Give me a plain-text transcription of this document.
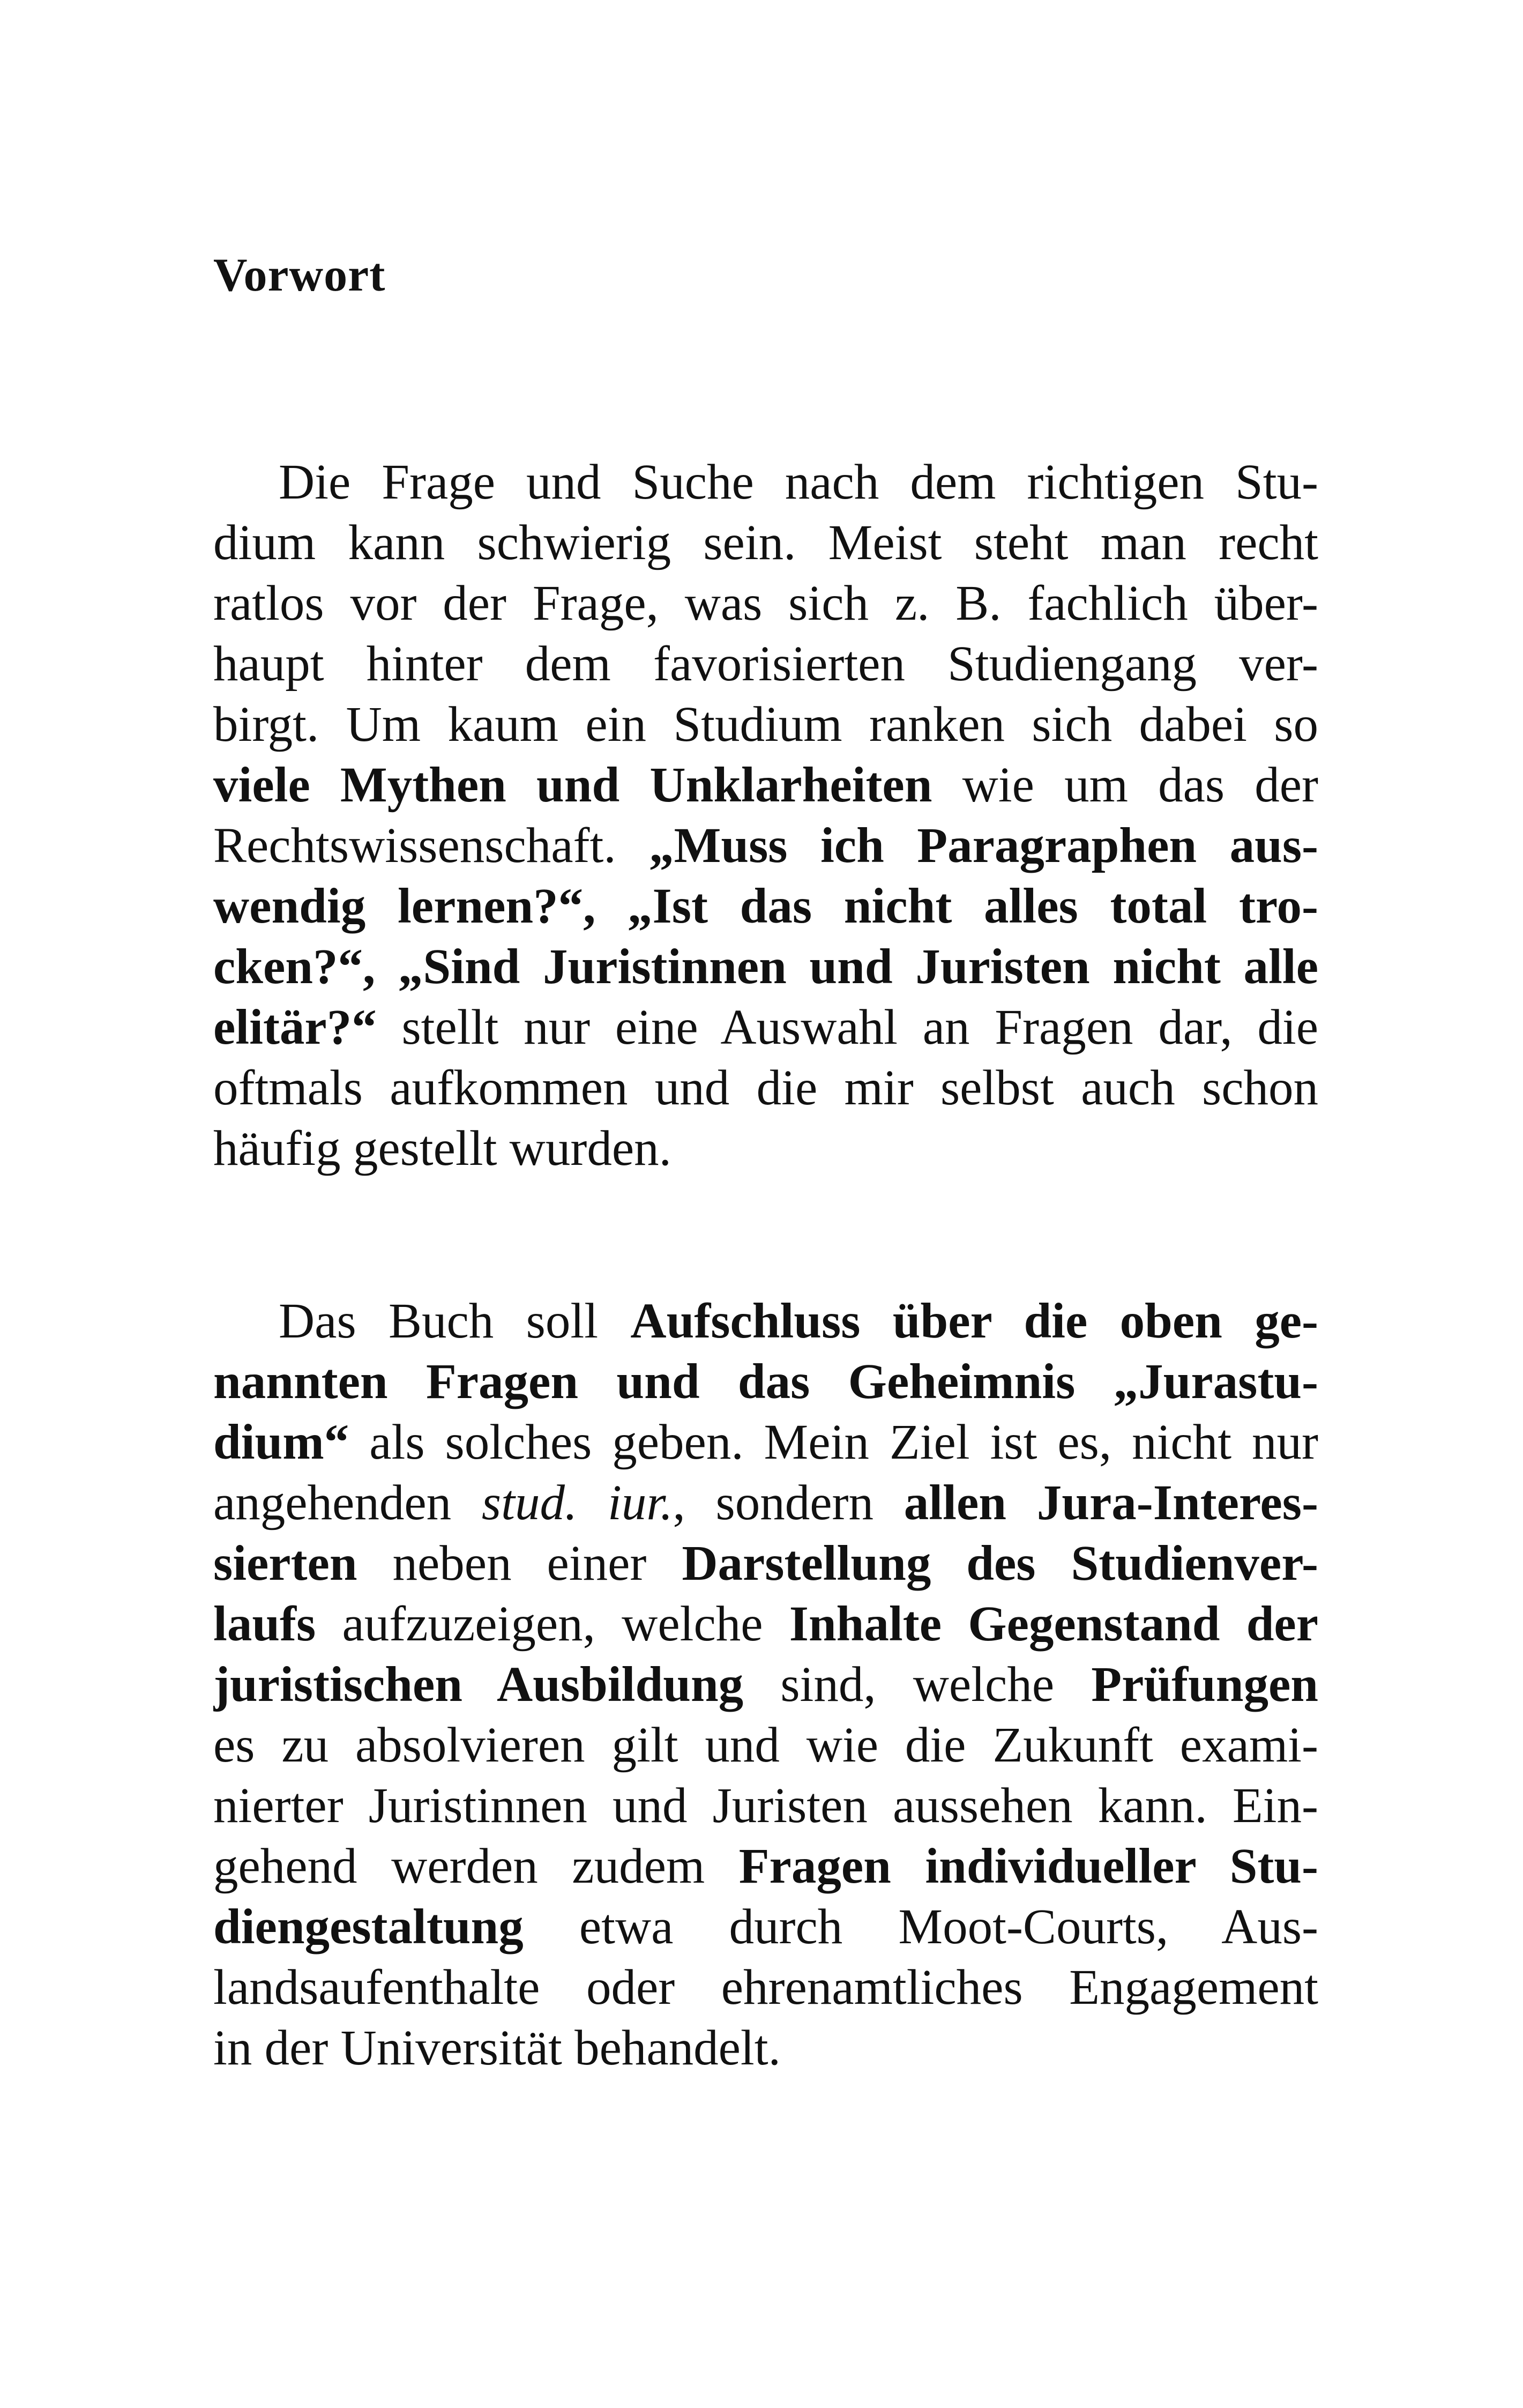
Vorwort
Die Frage und Suche nach dem richtigen Stu-
dium kann schwierig sein. Meist steht man recht
ratlos vor der Frage, was sich z. B. fachlich über-
haupt hinter dem favorisierten Studiengang ver-
birgt. Um kaum ein Studium ranken sich dabei so
viele Mythen und Unklarheiten wie um das der
Rechtswissenschaft. „Muss ich Paragraphen aus-
wendig lernen?“, „Ist das nicht alles total tro-
cken?“, „Sind Juristinnen und Juristen nicht alle
elitär?“ stellt nur eine Auswahl an Fragen dar, die
oftmals aufkommen und die mir selbst auch schon
häufig gestellt wurden.
Das Buch soll Aufschluss über die oben ge-
nannten Fragen und das Geheimnis „Jurastu-
dium“ als solches geben. Mein Ziel ist es, nicht nur
angehenden stud. iur., sondern allen Jura-Interes-
sierten neben einer Darstellung des Studienver-
laufs aufzuzeigen, welche Inhalte Gegenstand der
juristischen Ausbildung sind, welche Prüfungen
es zu absolvieren gilt und wie die Zukunft exami-
nierter Juristinnen und Juristen aussehen kann. Ein-
gehend werden zudem Fragen individueller Stu-
diengestaltung etwa durch Moot-Courts, Aus-
landsaufenthalte oder ehrenamtliches Engagement
in der Universität behandelt.
